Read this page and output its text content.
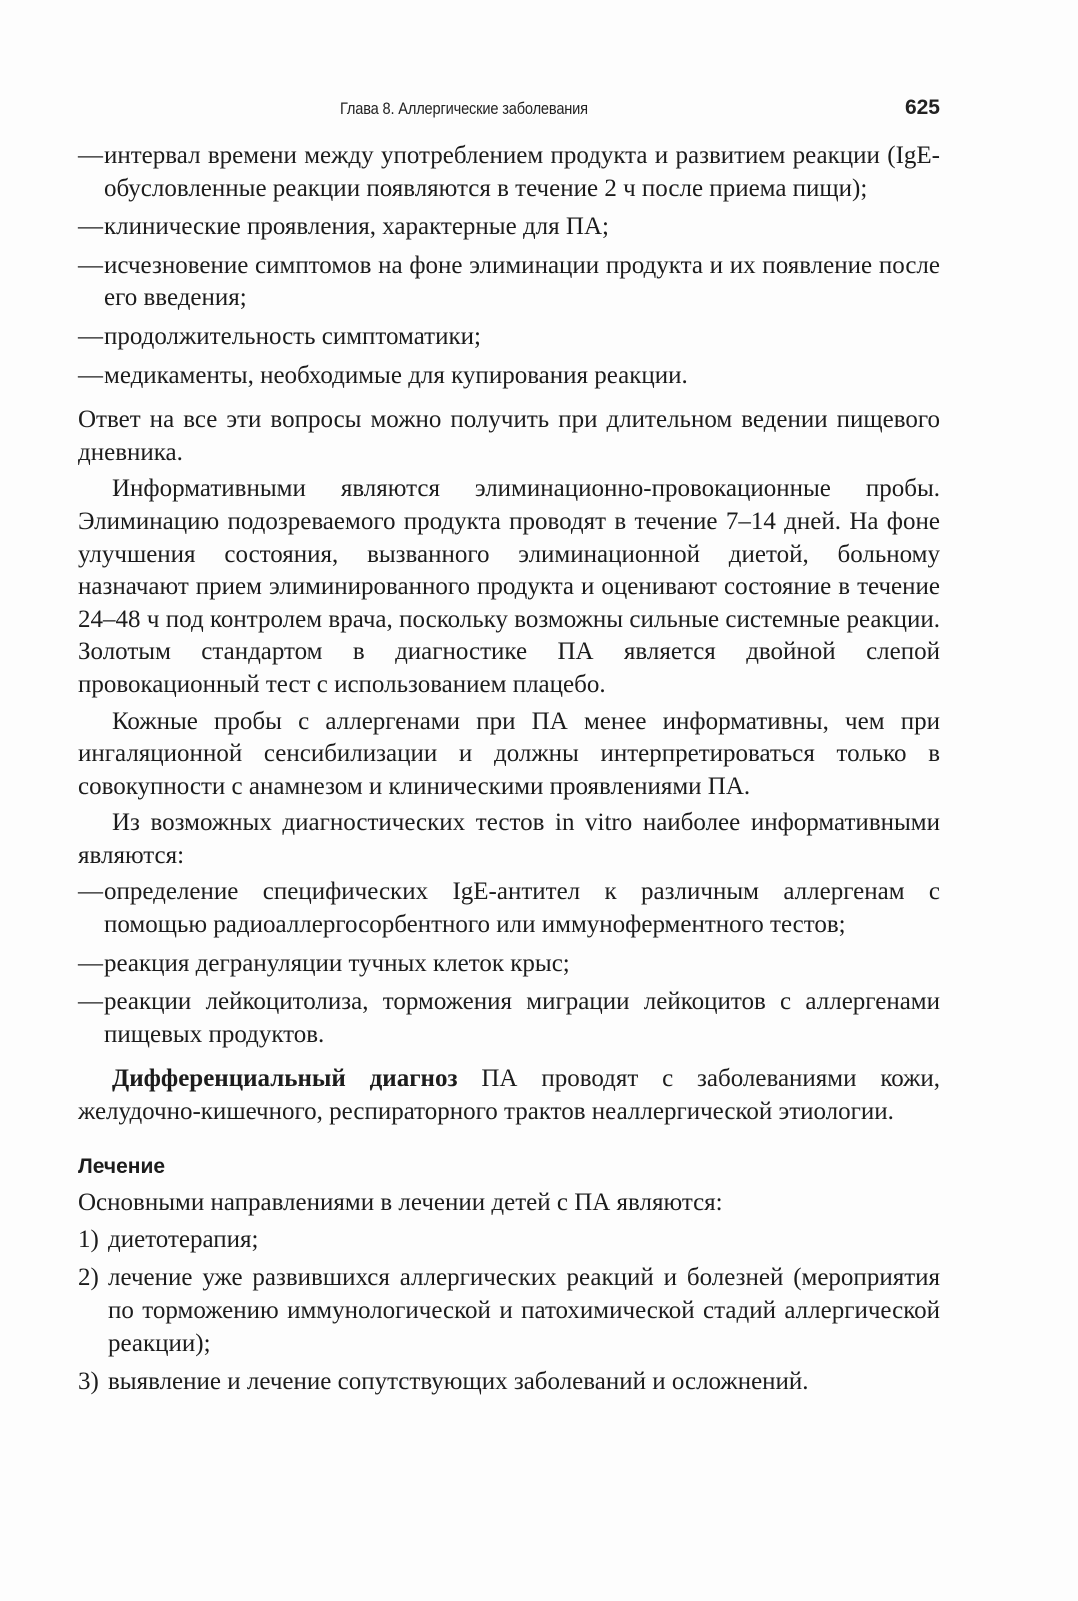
Глава 8. Аллергические заболевания	625
— интервал времени между употреблением продукта и развитием реакции (IgE-обусловленные реакции появляются в течение 2 ч после приема пищи);
— клинические проявления, характерные для ПА;
— исчезновение симптомов на фоне элиминации продукта и их появление после его введения;
— продолжительность симптоматики;
— медикаменты, необходимые для купирования реакции.

Ответ на все эти вопросы можно получить при длительном ведении пищевого дневника.

Информативными являются элиминационно-провокационные пробы. Элиминацию подозреваемого продукта проводят в течение 7–14 дней. На фоне улучшения состояния, вызванного элиминационной диетой, больному назначают прием элиминированного продукта и оценивают состояние в течение 24–48 ч под контролем врача, поскольку возможны сильные системные реакции. Золотым стандартом в диагностике ПА является двойной слепой провокационный тест с использованием плацебо.

Кожные пробы с аллергенами при ПА менее информативны, чем при ингаляционной сенсибилизации и должны интерпретироваться только в совокупности с анамнезом и клиническими проявлениями ПА.

Из возможных диагностических тестов in vitro наиболее информативными являются:

— определение специфических IgE-антител к различным аллергенам с помощью радиоаллергосорбентного или иммуноферментного тестов;
— реакция дегрануляции тучных клеток крыс;
— реакции лейкоцитолиза, торможения миграции лейкоцитов с аллергенами пищевых продуктов.

Дифференциальный диагноз ПА проводят с заболеваниями кожи, желудочно-кишечного, респираторного трактов неаллергической этиологии.

Лечение

Основными направлениями в лечении детей с ПА являются:

1) диетотерапия;
2) лечение уже развившихся аллергических реакций и болезней (мероприятия по торможению иммунологической и патохимической стадий аллергической реакции);
3) выявление и лечение сопутствующих заболеваний и осложнений.
